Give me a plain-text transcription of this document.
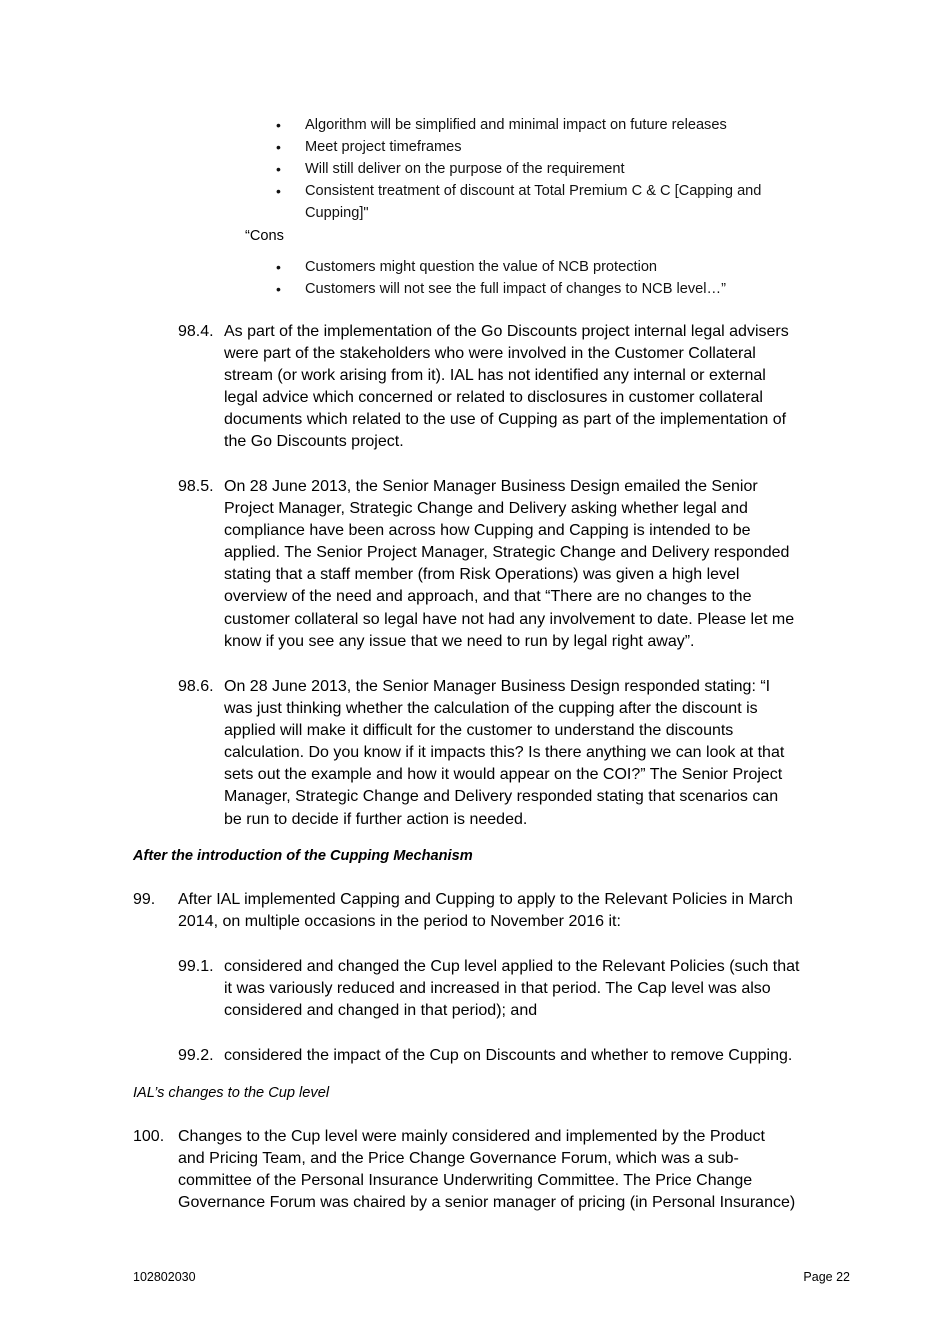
• Algorithm will be simplified and minimal impact on future releases
• Meet project timeframes
• Will still deliver on the purpose of the requirement
• Consistent treatment of discount at Total Premium C & C [Capping and Cupping]"
“Cons
• Customers might question the value of NCB protection
• Customers will not see the full impact of changes to NCB level…”
98.4. As part of the implementation of the Go Discounts project internal legal advisers
were part of the stakeholders who were involved in the Customer Collateral
stream (or work arising from it). IAL has not identified any internal or external
legal advice which concerned or related to disclosures in customer collateral
documents which related to the use of Cupping as part of the implementation of
the Go Discounts project.
98.5. On 28 June 2013, the Senior Manager Business Design emailed the Senior
Project Manager, Strategic Change and Delivery asking whether legal and
compliance have been across how Cupping and Capping is intended to be
applied. The Senior Project Manager, Strategic Change and Delivery responded
stating that a staff member (from Risk Operations) was given a high level
overview of the need and approach, and that “There are no changes to the
customer collateral so legal have not had any involvement to date. Please let me
know if you see any issue that we need to run by legal right away”.
98.6. On 28 June 2013, the Senior Manager Business Design responded stating: “I
was just thinking whether the calculation of the cupping after the discount is
applied will make it difficult for the customer to understand the discounts
calculation. Do you know if it impacts this? Is there anything we can look at that
sets out the example and how it would appear on the COI?” The Senior Project
Manager, Strategic Change and Delivery responded stating that scenarios can
be run to decide if further action is needed.
After the introduction of the Cupping Mechanism
99. After IAL implemented Capping and Cupping to apply to the Relevant Policies in March
2014, on multiple occasions in the period to November 2016 it:
99.1. considered and changed the Cup level applied to the Relevant Policies (such that
it was variously reduced and increased in that period. The Cap level was also
considered and changed in that period); and
99.2. considered the impact of the Cup on Discounts and whether to remove Cupping.
IAL’s changes to the Cup level
100. Changes to the Cup level were mainly considered and implemented by the Product
and Pricing Team, and the Price Change Governance Forum, which was a sub-
committee of the Personal Insurance Underwriting Committee. The Price Change
Governance Forum was chaired by a senior manager of pricing (in Personal Insurance)
102802030	Page 22
